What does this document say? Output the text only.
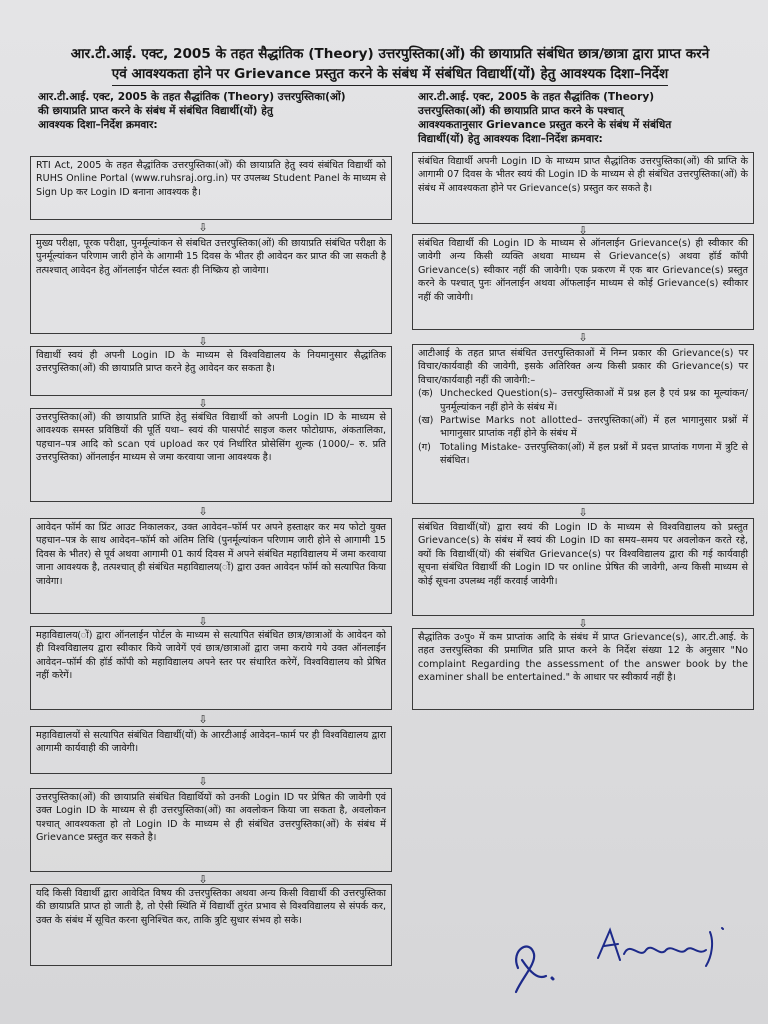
आर.टी.आई. एक्ट, 2005 के तहत सैद्धांतिक (Theory) उत्तरपुस्तिका(ओं) की छायाप्रति संबंधित छात्र/छात्रा द्वारा प्राप्त करने
एवं आवश्यकता होने पर Grievance प्रस्तुत करने के संबंध में संबंधित विद्यार्थी(यों) हेतु आवश्यक दिशा–निर्देश
आर.टी.आई. एक्ट, 2005 के तहत सैद्धांतिक (Theory) उत्तरपुस्तिका(ओं)
की छायाप्रति प्राप्त करने के संबंध में संबंधित विद्यार्थी(यों) हेतु
आवश्यक दिशा–निर्देश क्रमवार:
RTI Act, 2005 के तहत सैद्धांतिक उत्तरपुस्तिका(ओं) की छायाप्रति हेतु स्वयं संबंधित विद्यार्थी को RUHS Online Portal (www.ruhsraj.org.in) पर उपलब्ध Student Panel के माध्यम से Sign Up कर Login ID बनाना आवश्यक है।
⇩
मुख्य परीक्षा, पूरक परीक्षा, पुनर्मूल्यांकन से संबधित उत्तरपुस्तिका(ओं) की छायाप्रति संबंधित परीक्षा के पुनर्मूल्यांकन परिणाम जारी होने के आगामी 15 दिवस के भीतर ही आवेदन कर प्राप्त की जा सकती है तत्पश्चात् आवेदन हेतु ऑनलाईन पोर्टल स्वतः ही निष्क्रिय हो जावेगा।
⇩
विद्यार्थी स्वयं ही अपनी Login ID के माध्यम से विश्वविद्यालय के नियमानुसार सैद्धांतिक उत्तरपुस्तिका(ओं) की छायाप्रति प्राप्त करने हेतु आवेदन कर सकता है।
⇩
उत्तरपुस्तिका(ओं) की छायाप्रति प्राप्ति हेतु संबंधित विद्यार्थी को अपनी Login ID के माध्यम से आवश्यक समस्त प्रविष्ठियों की पूर्ति यथा– स्वयं की पासपोर्ट साइज कलर फोटोग्राफ, अंकतालिका, पहचान–पत्र आदि को scan एवं upload कर एवं निर्धारित प्रोसेसिंग शुल्क (1000/– रु. प्रति उत्तरपुस्तिका) ऑनलाईन माध्यम से जमा करवाया जाना आवश्यक है।
⇩
आवेदन फॉर्म का प्रिंट आउट निकालकर, उक्त आवेदन–फॉर्म पर अपने हस्ताक्षर कर मय फोटो युक्त पहचान–पत्र के साथ आवेदन–फॉर्म को अंतिम तिथि (पुनर्मूल्यांकन परिणाम जारी होने से आगामी 15 दिवस के भीतर) से पूर्व अथवा आगामी 01 कार्य दिवस में अपने संबंधित महाविद्यालय में जमा करवाया जाना आवश्यक है, तत्पश्चात् ही संबंधित महाविद्यालय(ों) द्वारा उक्त आवेदन फॉर्म को सत्यापित किया जावेगा।
⇩
महाविद्यालय(ों) द्वारा ऑनलाईन पोर्टल के माध्यम से सत्यापित संबंधित छात्र/छात्राओं के आवेदन को ही विश्वविद्यालय द्वारा स्वीकार किये जावेगें एवं छात्र/छात्राओं द्वारा जमा कराये गये उक्त ऑनलाईन आवेदन–फॉर्म की हॉर्ड कॉपी को महाविद्यालय अपने स्तर पर संधारित करेगें, विश्वविद्यालय को प्रेषित नहीं करेगें।
⇩
महाविद्यालयों से सत्यापित संबंधित विद्यार्थी(यों) के आरटीआई आवेदन–फार्म पर ही विश्वविद्यालय द्वारा आगामी कार्यवाही की जावेगी।
⇩
उत्तरपुस्तिका(ओं) की छायाप्रति संबंधित विद्यार्थियों को उनकी Login ID पर प्रेषित की जावेगी एवं उक्त Login ID के माध्यम से ही उत्तरपुस्तिका(ओं) का अवलोकन किया जा सकता है, अवलोकन पश्चात् आवश्यकता हो तो Login ID के माध्यम से ही संबंधित उत्तरपुस्तिका(ओं) के संबंध में Grievance प्रस्तुत कर सकते है।
⇩
यदि किसी विद्यार्थी द्वारा आवेदित विषय की उत्तरपुस्तिका अथवा अन्य किसी विद्यार्थी की उत्तरपुस्तिका की छायाप्रति प्राप्त हो जाती है, तो ऐसी स्थिति में विद्यार्थी तुरंत प्रभाव से विश्वविद्यालय से संपर्क कर, उक्त के संबंध में सूचित करना सुनिश्चित कर, ताकि त्रुटि सुधार संभव हो सके।
आर.टी.आई. एक्ट, 2005 के तहत सैद्धांतिक (Theory)
उत्तरपुस्तिका(ओं) की छायाप्रति प्राप्त करने के पश्चात्
आवश्यकतानुसार Grievance प्रस्तुत करने के संबंध में संबंधित
विद्यार्थी(यों) हेतु आवश्यक दिशा–निर्देश क्रमवार:
संबंधित विद्यार्थी अपनी Login ID के माध्यम प्राप्त सैद्धांतिक उत्तरपुस्तिका(ओं) की प्राप्ति के आगामी 07 दिवस के भीतर स्वयं की Login ID के माध्यम से ही संबंधित उत्तरपुस्तिका(ओं) के संबंध में आवश्यकता होने पर Grievance(s) प्रस्तुत कर सकते है।
⇩
संबंधित विद्यार्थी की Login ID के माध्यम से ऑनलाईन Grievance(s) ही स्वीकार की जावेगी अन्य किसी व्यक्ति अथवा माध्यम से Grievance(s) अथवा हॉर्ड कॉपी Grievance(s) स्वीकार नहीं की जावेगी। एक प्रकरण में एक बार Grievance(s) प्रस्तुत करने के पश्चात् पुनः ऑनलाईन अथवा ऑफलाईन माध्यम से कोई Grievance(s) स्वीकार नहीं की जावेगी।
⇩
आटीआई के तहत प्राप्त संबंधित उत्तरपुस्तिकाओं में निम्न प्रकार की Grievance(s) पर विचार/कार्यवाही की जावेगी, इसके अतिरिक्त अन्य किसी प्रकार की Grievance(s) पर विचार/कार्यवाही नहीं की जावेगी:–
(क) Unchecked Question(s)– उत्तरपुस्तिकाओं में प्रश्न हल है एवं प्रश्न का मूल्यांकन/पुनर्मूल्यांकन नहीं होने के संबंध में।
(ख) Partwise Marks not allotted– उत्तरपुस्तिका(ओं) में हल भागानुसार प्रश्नों में भागानुसार प्राप्तांक नहीं होने के संबंध में
(ग) Totaling Mistake- उत्तरपुस्तिका(ओं) में हल प्रश्नों में प्रदत्त प्राप्तांक गणना में त्रुटि से संबंधित।
⇩
संबंधित विद्यार्थी(यों) द्वारा स्वयं की Login ID के माध्यम से विश्वविद्यालय को प्रस्तुत Grievance(s) के संबंध में स्वयं की Login ID का समय–समय पर अवलोकन करते रहे, क्यों कि विद्यार्थी(यों) की संबंधित Grievance(s) पर विश्वविद्यालय द्वारा की गई कार्यवाही सूचना संबंधित विद्यार्थी की Login ID पर online प्रेषित की जावेगी, अन्य किसी माध्यम से कोई सूचना उपलब्ध नहीं करवाई जावेगी।
⇩
सैद्धांतिक उ०पु० में कम प्राप्तांक आदि के संबंध में प्राप्त Grievance(s), आर.टी.आई. के तहत उत्तरपुस्तिका की प्रमाणित प्रति प्राप्त करने के निर्देश संख्या 12 के अनुसार "No complaint Regarding the assessment of the answer book by the examiner shall be entertained." के आधार पर स्वीकार्य नहीं है।
